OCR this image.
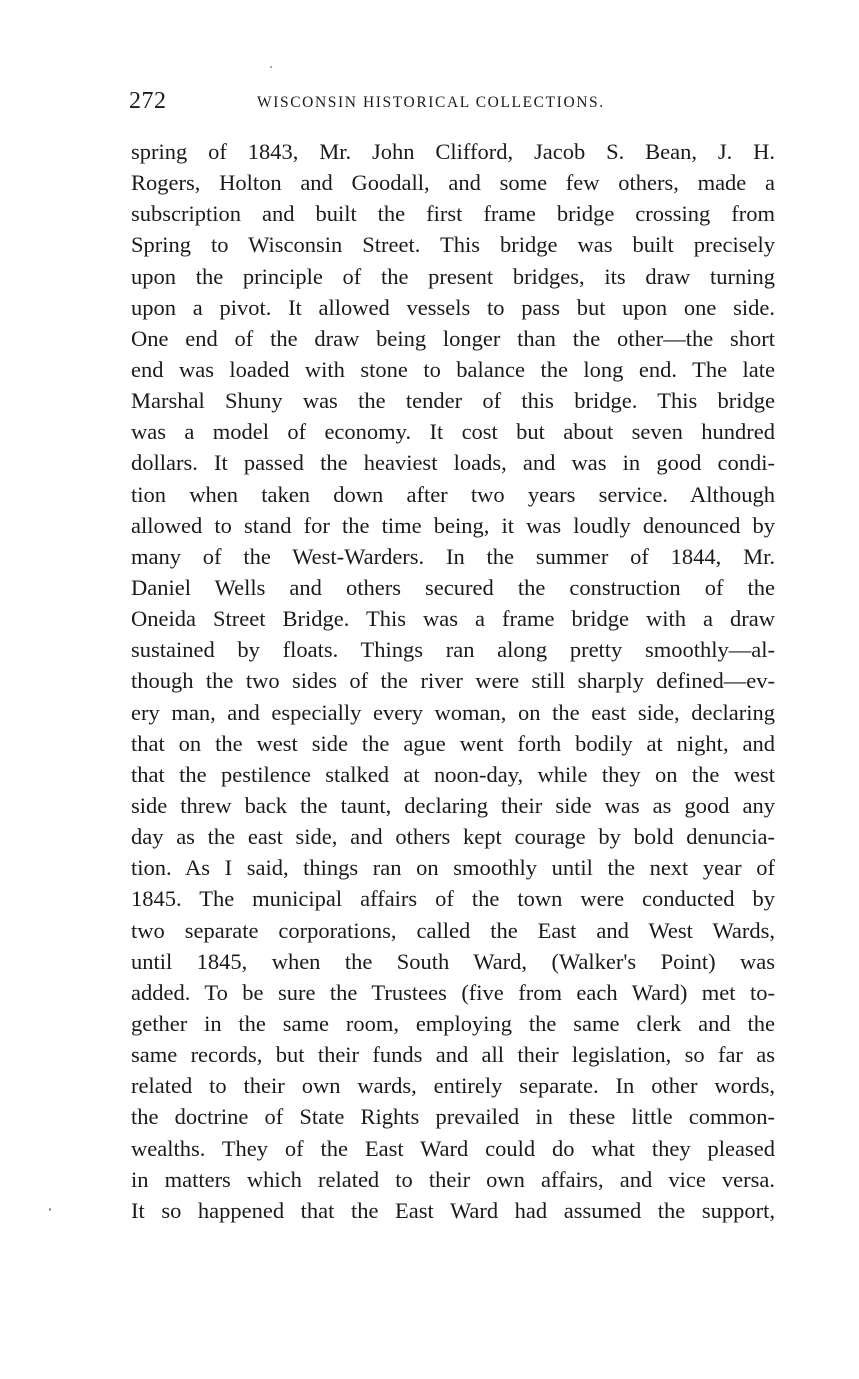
272	WISCONSIN HISTORICAL COLLECTIONS.
spring of 1843, Mr. John Clifford, Jacob S. Bean, J. H.
Rogers, Holton and Goodall, and some few others, made a
subscription and built the first frame bridge crossing from
Spring to Wisconsin Street. This bridge was built precisely
upon the principle of the present bridges, its draw turning
upon a pivot. It allowed vessels to pass but upon one side.
One end of the draw being longer than the other—the short
end was loaded with stone to balance the long end. The late
Marshal Shuny was the tender of this bridge. This bridge
was a model of economy. It cost but about seven hundred
dollars. It passed the heaviest loads, and was in good condi-
tion when taken down after two years service. Although
allowed to stand for the time being, it was loudly denounced by
many of the West-Warders. In the summer of 1844, Mr.
Daniel Wells and others secured the construction of the
Oneida Street Bridge. This was a frame bridge with a draw
sustained by floats. Things ran along pretty smoothly—al-
though the two sides of the river were still sharply defined—ev-
ery man, and especially every woman, on the east side, declaring
that on the west side the ague went forth bodily at night, and
that the pestilence stalked at noon-day, while they on the west
side threw back the taunt, declaring their side was as good any
day as the east side, and others kept courage by bold denuncia-
tion. As I said, things ran on smoothly until the next year of
1845. The municipal affairs of the town were conducted by
two separate corporations, called the East and West Wards,
until 1845, when the South Ward, (Walker's Point) was
added. To be sure the Trustees (five from each Ward) met to-
gether in the same room, employing the same clerk and the
same records, but their funds and all their legislation, so far as
related to their own wards, entirely separate. In other words,
the doctrine of State Rights prevailed in these little common-
wealths. They of the East Ward could do what they pleased
in matters which related to their own affairs, and vice versa.
It so happened that the East Ward had assumed the support,
